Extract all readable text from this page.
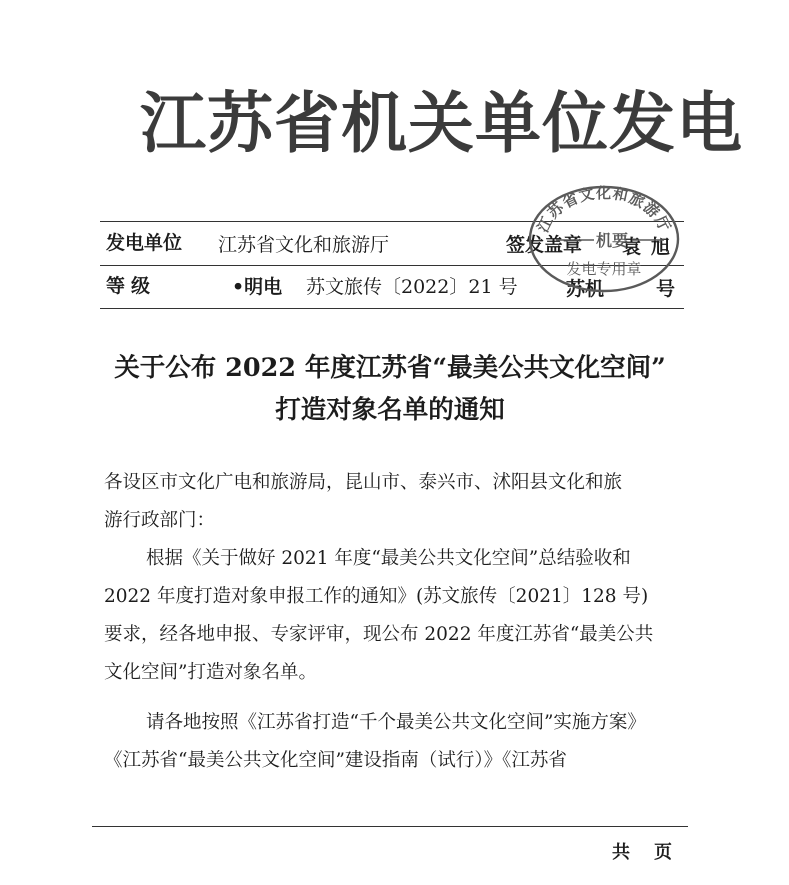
江苏省机关单位发电
发电单位 江苏省文化和旅游厅	签发盖章 袁旭
等级	•明电 苏文旅传〔2022〕21 号	苏机	号
江苏省文化和旅游厅
机要
发电专用章
关于公布 2022 年度江苏省“最美公共文化空间”
打造对象名单的通知
各设区市文化广电和旅游局，昆山市、泰兴市、沭阳县文化和旅
游行政部门：
根据《关于做好 2021 年度“最美公共文化空间”总结验收和
2022 年度打造对象申报工作的通知》(苏文旅传〔2021〕128 号)
要求，经各地申报、专家评审，现公布 2022 年度江苏省“最美公共
文化空间”打造对象名单。
请各地按照《江苏省打造“千个最美公共文化空间”实施方案》
《江苏省“最美公共文化空间”建设指南（试行）》《江苏省
共 页
